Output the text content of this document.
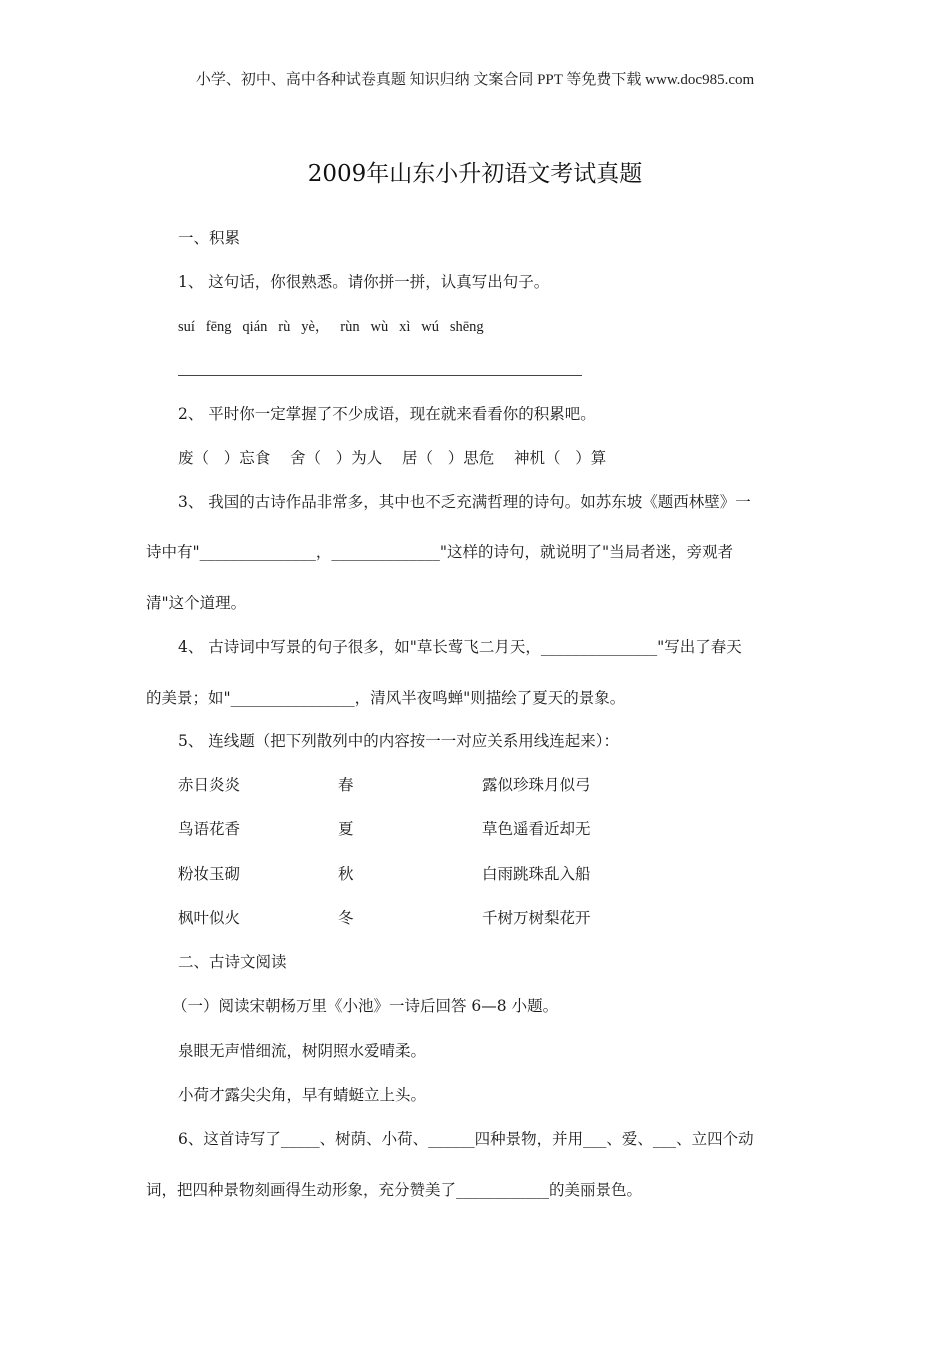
小学、初中、高中各种试卷真题 知识归纳 文案合同 PPT 等免费下载 www.doc985.com
2009年山东小升初语文考试真题
一、积累
1、 这句话，你很熟悉。请你拼一拼，认真写出句子。
suí   fēng   qián   rù   yè，   rùn   wù   xì   wú   shēng
2、 平时你一定掌握了不少成语，现在就来看看你的积累吧。
废（   ）忘食    舍（   ）为人    居（   ）思危    神机（   ）算
3、 我国的古诗作品非常多，其中也不乏充满哲理的诗句。如苏东坡《题西林壁》一
诗中有"_______________，______________"这样的诗句，就说明了"当局者迷，旁观者
清"这个道理。
4、 古诗词中写景的句子很多，如"草长莺飞二月天，_______________"写出了春天
的美景；如"________________，清风半夜鸣蝉"则描绘了夏天的景象。
5、 连线题（把下列散列中的内容按一一对应关系用线连起来）：
赤日炎炎	春	露似珍珠月似弓
鸟语花香	夏	草色遥看近却无
粉妆玉砌	秋	白雨跳珠乱入船
枫叶似火	冬	千树万树梨花开
二、古诗文阅读
（一）阅读宋朝杨万里《小池》一诗后回答 6—8 小题。
泉眼无声惜细流，树阴照水爱晴柔。
小荷才露尖尖角，早有蜻蜓立上头。
6、这首诗写了_____、树荫、小荷、______四种景物，并用___、爱、___、立四个动
词，把四种景物刻画得生动形象，充分赞美了____________的美丽景色。
